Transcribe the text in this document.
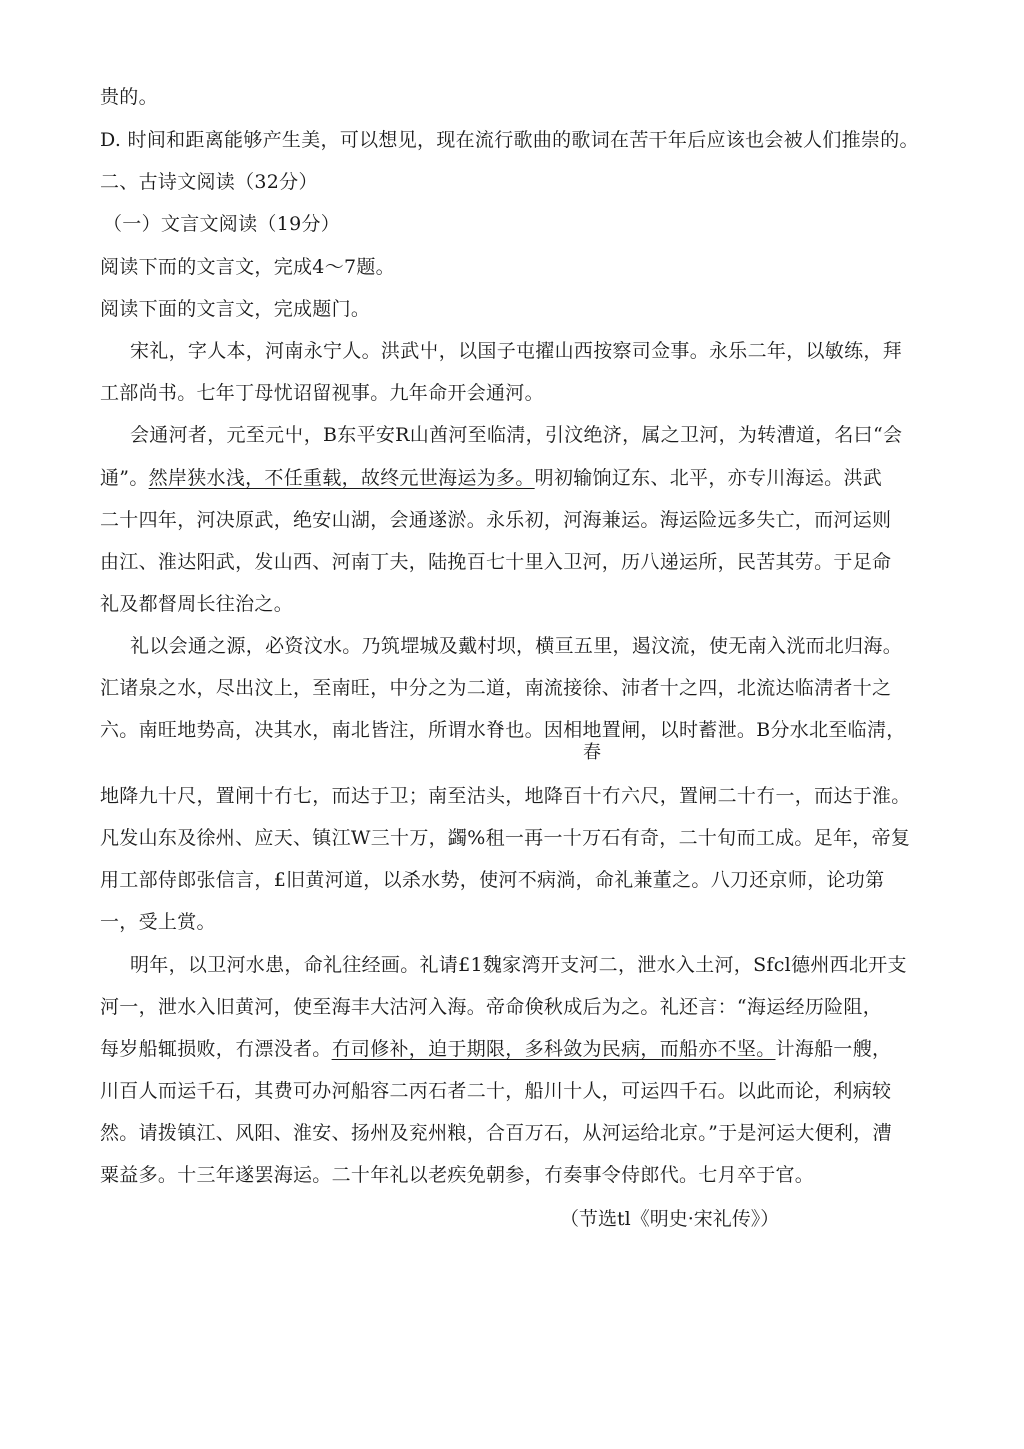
贵的。
D. 时间和距离能够产生美，可以想见，现在流行歌曲的歌词在苦干年后应该也会被人们推崇的。
二、古诗文阅读（32分）
（一）文言文阅读（19分）
阅读下而的文言文，完成4～7题。
阅读下面的文言文，完成题门。
宋礼，字人本，河南永宁人。洪武屮，以国子屯擢山西按察司佥事。永乐二年，以敏练，拜
工部尚书。七年丁母忧诏留视事。九年命开会通河。
会通河者，元至元屮，B东平安R山酋河至临淸，引汶绝济，属之卫河，为转漕道，名曰“会
通”。然岸狭水浅，不任重载，故终元世海运为多。明初输饷辽东、北平，亦专川海运。洪武
二十四年，河决原武，绝安山湖，会通遂淤。永乐初，河海兼运。海运险远多失亡，而河运则
由江、淮达阳武，发山西、河南丁夫，陆挽百七十里入卫河，历八递运所，民苦其劳。于足命
礼及都督周长往治之。
礼以会通之源，必资汶水。乃筑堽城及戴村坝，横亘五里，遏汶流，使无南入洸而北归海。
汇诸泉之水，尽出汶上，至南旺，中分之为二道，南流接徐、沛者十之四，北流达临淸者十之
六。南旺地势高，决其水，南北皆注，所谓水脊也。因相地置闸，以时蓄泄。B分水北至临淸，
春
地降九十尺，置闸十冇七，而达于卫；南至沽头，地降百十冇六尺，置闸二十冇一，而达于淮。
凡发山东及徐州、应天、镇江W三十万，蠲%租一再一十万石有奇，二十旬而工成。足年，帝复
用工部侍郎张信言，£旧黄河道，以杀水势，使河不病淌，命礼兼董之。八刀还京师，论功第
一，受上赏。
明年，以卫河水患，命礼往经画。礼请£1魏家湾开支河二，泄水入土河，Sfcl德州西北开支
河一，泄水入旧黄河，使至海丰大沽河入海。帝命倹秋成后为之。礼还言：“海运经历险阻，
每岁船辄损败，冇漂没者。冇司修补，迫于期限，多科敛为民病，而船亦不坚。计海船一艘，
川百人而运千石，其费可办河船容二丙石者二十，船川十人，可运四千石。以此而论，利病较
然。请拨镇江、风阳、淮安、扬州及兖州粮，合百万石，从河运给北京。”于是河运大便利，漕
粟益多。十三年遂罢海运。二十年礼以老疾免朝参，冇奏事令侍郎代。七月卒于官。
（节选tl《明史·宋礼传》）
